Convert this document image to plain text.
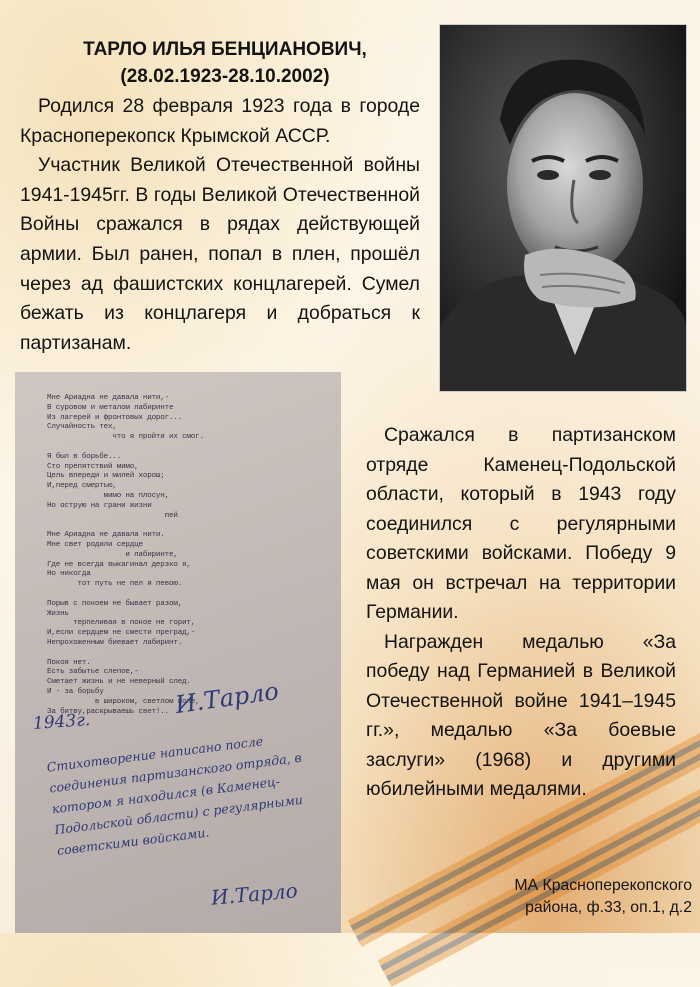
ТАРЛО ИЛЬЯ БЕНЦИАНОВИЧ,
(28.02.1923-28.10.2002)

Родился 28 февраля 1923 года в городе Красноперекопск Крымской АССР.

Участник Великой Отечественной войны 1941-1945гг. В годы Великой Отечественной Войны сражался в рядах действующей армии. Был ранен, попал в плен, прошёл через ад фашистских концлагерей. Сумел бежать из концлагеря и добраться к партизанам.

Мне Ариадна не давала нити,-
В суровом и металом лабиринте
Из лагерей и фронтовых дорог...
Случайность тех,
что я пройти их смог.

Я был в борьбе...
Сто препятствий мимо,
Цель впереди и милей хорош;
И,перед смертью,
мимо на плосун,
Но острую на грани жизни
пей

Мне Ариадна не давала нити.
Мне свет родили сердце
и лабиринте,
Где не всегда выкагинал дерзко я,
Но никогда
тот путь не пел я певою.

Порыв с покоем не бывает разом,
Жизнь
терпеливая в покое не горит,
И,если сердцем не смести преград,-
Непрохоженным биевает лабиринт.

Покоя нет.
Есть забытье слепое,-
Сметает жизнь и не неверный след.
И - за борьбу
в широком, светлом поле,
За битву,раскрываешь свет!..
1943г.
И.Тарло
Стихотворение написано после соединения партизанского отряда, в котором я находился (в Каменец-Подольской области) с регулярными советскими войсками.
И.Тарло

Сражался в партизанском отряде Каменец-Подольской области, который в 1943 году соединился с регулярными советскими войсками. Победу 9 мая он встречал на территории Германии.

Награжден медалью «За победу над Германией в Великой Отечественной войне 1941–1945 гг.», медалью «За боевые заслуги» (1968) и другими юбилейными медалями.

МА Красноперекопского
района, ф.33, оп.1, д.2
